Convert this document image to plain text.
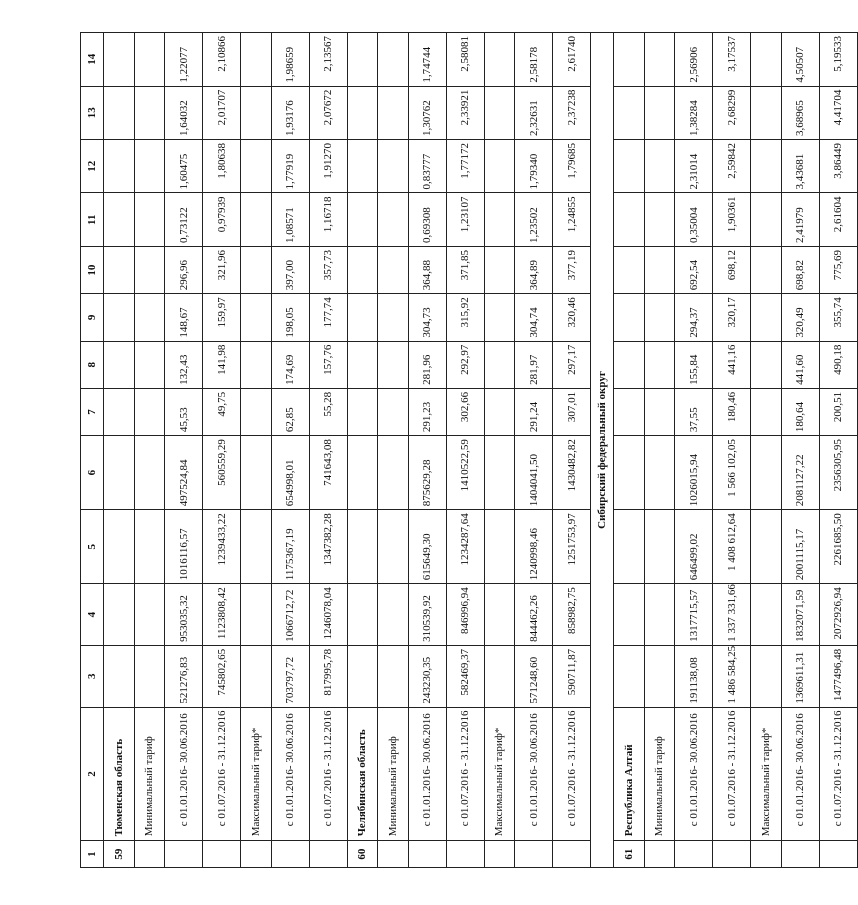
1	2	3	4	5	6	7	8	9	10	11	12	13	14
59	Тюменская область												
	Минимальный тариф												
	с 01.01.2016- 30.06.2016	521276,83	953035,32	1016116,57	497524,84	45,53	132,43	148,67	296,96	0,73122	1,60475	1,64032	1,22077
	с 01.07.2016 - 31.12.2016	745802,65	1123808,42	1239433,22	560559,29	49,75	141,98	159,97	321,96	0,97939	1,80638	2,01707	2,10866
	Максимальный тариф*												
	с 01.01.2016- 30.06.2016	703797,72	1066712,72	1175367,19	654998,01	62,85	174,69	198,05	397,00	1,08571	1,77919	1,93176	1,98659
	с 01.07.2016 - 31.12.2016	817995,78	1246078,04	1347382,28	741643,08	55,28	157,76	177,74	357,73	1,16718	1,91270	2,07672	2,13567
60	Челябинская область												
	Минимальный тариф												
	с 01.01.2016- 30.06.2016	243230,35	310539,92	615649,30	875629,28	291,23	281,96	304,73	364,88	0,69308	0,83777	1,30762	1,74744
	с 01.07.2016 - 31.12.2016	582469,37	846996,94	1234287,64	1410522,59	302,66	292,97	315,92	371,85	1,23107	1,77172	2,33921	2,58081
	Максимальный тариф*												
	с 01.01.2016- 30.06.2016	571248,60	844462,26	1240998,46	1404041,50	291,24	281,97	304,74	364,89	1,23502	1,79340	2,32631	2,58178
	с 01.07.2016 - 31.12.2016	590711,87	858982,75	1251753,97	1430482,82	307,01	297,17	320,46	377,19	1,24855	1,79685	2,37238	2,61740
Сибирский федеральный округ													
61	Республика Алтай												
	Минимальный тариф												
	с 01.01.2016- 30.06.2016	191138,08	1317715,57	646499,02	1026015,94	37,55	155,84	294,37	692,54	0,35004	2,31014	1,38284	2,56906
	с 01.07.2016 - 31.12.2016	1 486 584,25	1 337 331,66	1 408 612,64	1 566 102,05	180,46	441,16	320,17	698,12	1,90361	2,59842	2,68299	3,17537
	Максимальный тариф*												
	с 01.01.2016- 30.06.2016	1369611,31	1832071,59	2001115,17	2081127,22	180,64	441,60	320,49	698,82	2,41979	3,43681	3,68965	4,50507
	с 01.07.2016 - 31.12.2016	1477496,48	2072926,94	2261685,50	2356305,95	200,51	490,18	355,74	775,69	2,61604	3,86449	4,41704	5,19533
